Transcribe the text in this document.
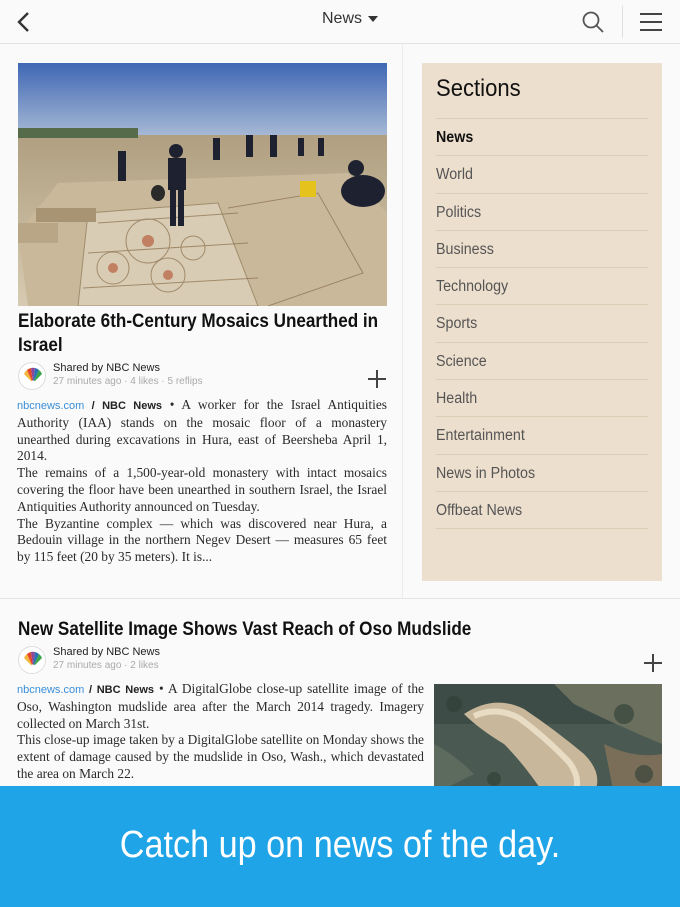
News
Elaborate 6th-Century Mosaics Unearthed in Israel
Shared by NBC News
27 minutes ago · 4 likes · 5 reflips
nbcnews.com / NBC News • A worker for the Israel Antiquities Authority (IAA) stands on the mosaic floor of a monastery unearthed during excavations in Hura, east of Beersheba April 1, 2014.
The remains of a 1,500-year-old monastery with intact mosaics covering the floor have been unearthed in southern Israel, the Israel Antiquities Authority announced on Tuesday.
The Byzantine complex — which was discovered near Hura, a Bedouin village in the northern Negev Desert — measures 65 feet by 115 feet (20 by 35 meters). It is...
Sections
News
World
Politics
Business
Technology
Sports
Science
Health
Entertainment
News in Photos
Offbeat News
New Satellite Image Shows Vast Reach of Oso Mudslide
Shared by NBC News
27 minutes ago · 2 likes
nbcnews.com / NBC News • A DigitalGlobe close-up satellite image of the Oso, Washington mudslide area after the March 2014 tragedy. Imagery collected on March 31st.
This close-up image taken by a DigitalGlobe satellite on Monday shows the extent of damage caused by the mudslide in Oso, Wash., which devastated the area on March 22.
Catch up on news of the day.
